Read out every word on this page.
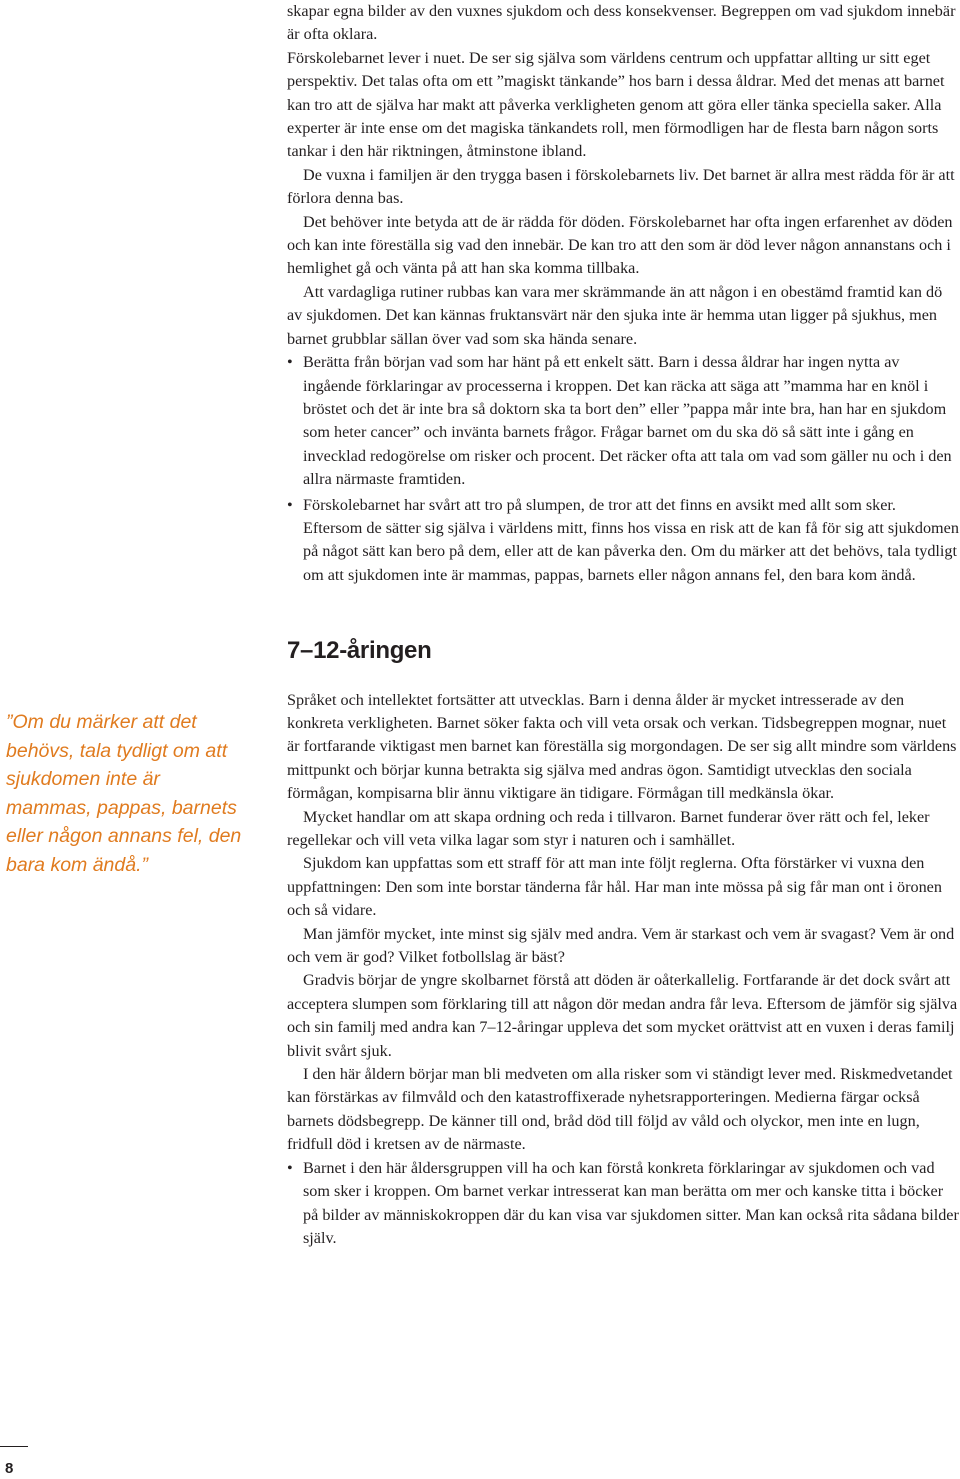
”Om du märker att det behövs, tala tydligt om att sjukdomen inte är mammas, pappas, barnets eller någon annans fel, den bara kom ändå.”

skapar egna bilder av den vuxnes sjukdom och dess konsekvenser. Begreppen om vad sjukdom innebär är ofta oklara.

Förskolebarnet lever i nuet. De ser sig själva som världens centrum och uppfattar allting ur sitt eget perspektiv. Det talas ofta om ett ”magiskt tänkande” hos barn i dessa åldrar. Med det menas att barnet kan tro att de själva har makt att påverka verkligheten genom att göra eller tänka speciella saker. Alla experter är inte ense om det magiska tänkandets roll, men förmodligen har de flesta barn någon sorts tankar i den här riktningen, åtminstone ibland.

De vuxna i familjen är den trygga basen i förskolebarnets liv. Det barnet är allra mest rädda för är att förlora denna bas.

Det behöver inte betyda att de är rädda för döden. Förskolebarnet har ofta ingen erfarenhet av döden och kan inte föreställa sig vad den innebär. De kan tro att den som är död lever någon annanstans och i hemlighet gå och vänta på att han ska komma tillbaka.

Att vardagliga rutiner rubbas kan vara mer skrämmande än att någon i en obestämd framtid kan dö av sjukdomen. Det kan kännas fruktansvärt när den sjuka inte är hemma utan ligger på sjukhus, men barnet grubblar sällan över vad som ska hända senare.

• Berätta från början vad som har hänt på ett enkelt sätt. Barn i dessa åldrar har ingen nytta av ingående förklaringar av processerna i kroppen. Det kan räcka att säga att ”mamma har en knöl i bröstet och det är inte bra så doktorn ska ta bort den” eller ”pappa mår inte bra, han har en sjukdom som heter cancer” och invänta barnets frågor. Frågar barnet om du ska dö så sätt inte i gång en invecklad redogörelse om risker och procent. Det räcker ofta att tala om vad som gäller nu och i den allra närmaste framtiden.
• Förskolebarnet har svårt att tro på slumpen, de tror att det finns en avsikt med allt som sker. Eftersom de sätter sig själva i världens mitt, finns hos vissa en risk att de kan få för sig att sjukdomen på något sätt kan bero på dem, eller att de kan påverka den. Om du märker att det behövs, tala tydligt om att sjukdomen inte är mammas, pappas, barnets eller någon annans fel, den bara kom ändå.
7–12-åringen

Språket och intellektet fortsätter att utvecklas. Barn i denna ålder är mycket intresserade av den konkreta verkligheten. Barnet söker fakta och vill veta orsak och verkan. Tidsbegreppen mognar, nuet är fortfarande viktigast men barnet kan föreställa sig morgondagen. De ser sig allt mindre som världens mittpunkt och börjar kunna betrakta sig själva med andras ögon. Samtidigt utvecklas den sociala förmågan, kompisarna blir ännu viktigare än tidigare. Förmågan till medkänsla ökar.

Mycket handlar om att skapa ordning och reda i tillvaron. Barnet funderar över rätt och fel, leker regellekar och vill veta vilka lagar som styr i naturen och i samhället.

Sjukdom kan uppfattas som ett straff för att man inte följt reglerna. Ofta förstärker vi vuxna den uppfattningen: Den som inte borstar tänderna får hål. Har man inte mössa på sig får man ont i öronen och så vidare.

Man jämför mycket, inte minst sig själv med andra. Vem är starkast och vem är svagast? Vem är ond och vem är god? Vilket fotbollslag är bäst?

Gradvis börjar de yngre skolbarnet förstå att döden är oåterkallelig. Fortfarande är det dock svårt att acceptera slumpen som förklaring till att någon dör medan andra får leva. Eftersom de jämför sig själva och sin familj med andra kan 7–12-åringar uppleva det som mycket orättvist att en vuxen i deras familj blivit svårt sjuk.

I den här åldern börjar man bli medveten om alla risker som vi ständigt lever med. Riskmedvetandet kan förstärkas av filmvåld och den katastroffixerade nyhetsrapporteringen. Medierna färgar också barnets dödsbegrepp. De känner till ond, bråd död till följd av våld och olyckor, men inte en lugn, fridfull död i kretsen av de närmaste.

• Barnet i den här åldersgruppen vill ha och kan förstå konkreta förklaringar av sjukdomen och vad som sker i kroppen. Om barnet verkar intresserat kan man berätta om mer och kanske titta i böcker på bilder av människokroppen där du kan visa var sjukdomen sitter. Man kan också rita sådana bilder själv.

8
